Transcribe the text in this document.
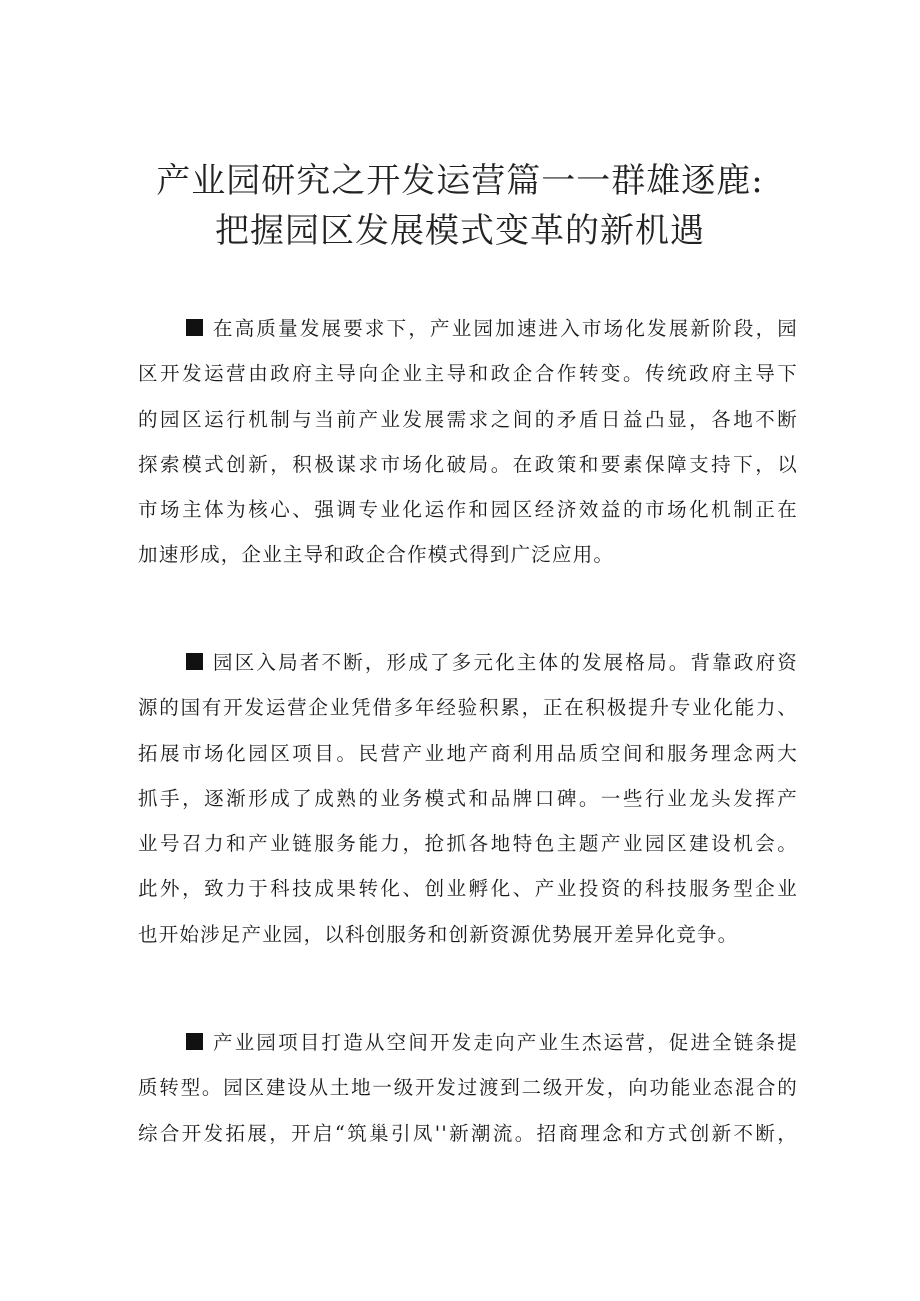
产业园研究之开发运营篇一一群雄逐鹿:
把握园区发展模式变革的新机遇
在高质量发展要求下，产业园加速进入市场化发展新阶段，园
区开发运营由政府主导向企业主导和政企合作转变。传统政府主导下
的园区运行机制与当前产业发展需求之间的矛盾日益凸显，各地不断
探索模式创新，积极谋求市场化破局。在政策和要素保障支持下，以
市场主体为核心、强调专业化运作和园区经济效益的市场化机制正在
加速形成，企业主导和政企合作模式得到广泛应用。
园区入局者不断，形成了多元化主体的发展格局。背靠政府资
源的国有开发运营企业凭借多年经验积累，正在积极提升专业化能力、
拓展市场化园区项目。民营产业地产商利用品质空间和服务理念两大
抓手，逐渐形成了成熟的业务模式和品牌口碑。一些行业龙头发挥产
业号召力和产业链服务能力，抢抓各地特色主题产业园区建设机会。
此外，致力于科技成果转化、创业孵化、产业投资的科技服务型企业
也开始涉足产业园，以科创服务和创新资源优势展开差异化竞争。
产业园项目打造从空间开发走向产业生杰运营，促进全链条提
质转型。园区建设从土地一级开发过渡到二级开发，向功能业态混合的
综合开发拓展，开启“筑巢引凤''新潮流。招商理念和方式创新不断，
